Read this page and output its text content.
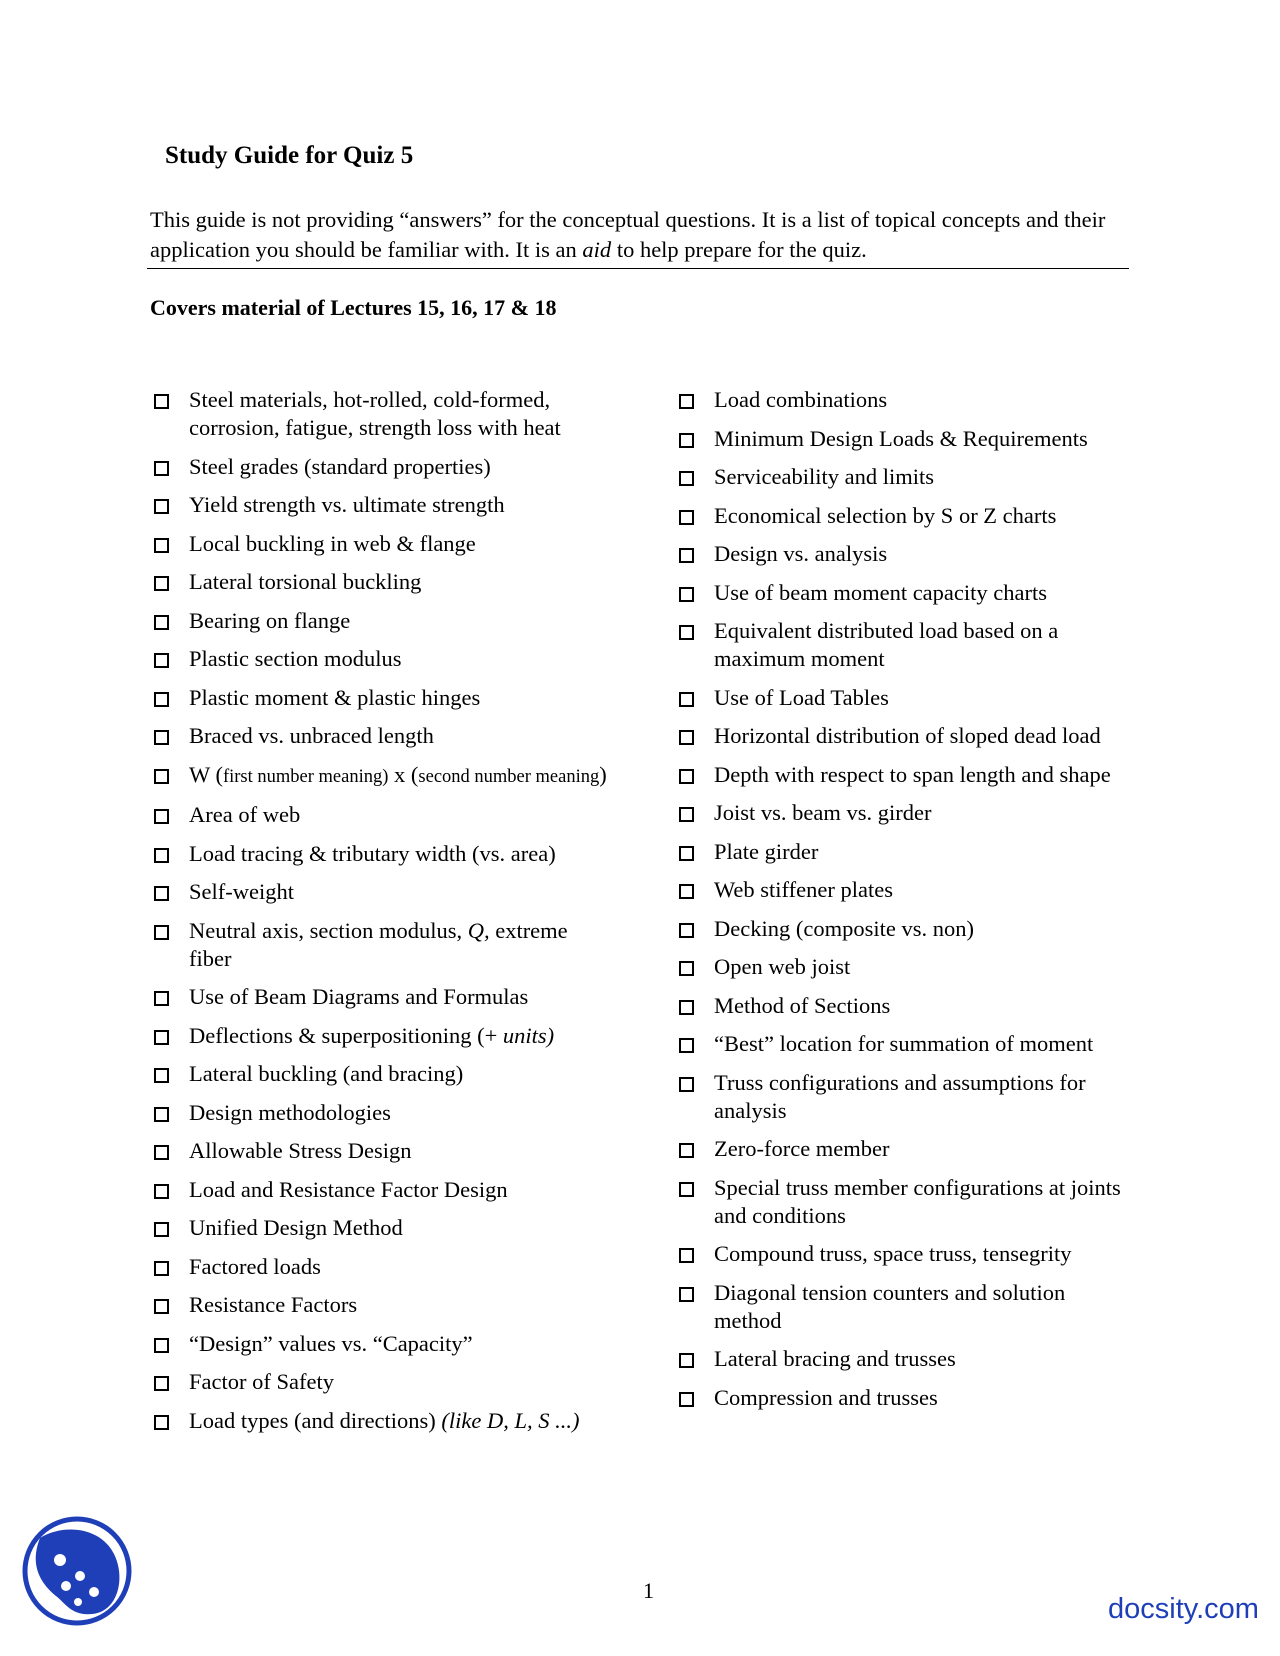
Study Guide for Quiz 5
This guide is not providing “answers” for the conceptual questions. It is a list of topical concepts and their application you should be familiar with. It is an aid to help prepare for the quiz.
Covers material of Lectures 15, 16, 17 & 18
Steel materials, hot-rolled, cold-formed, corrosion, fatigue, strength loss with heat
Steel grades (standard properties)
Yield strength vs. ultimate strength
Local buckling in web & flange
Lateral torsional buckling
Bearing on flange
Plastic section modulus
Plastic moment & plastic hinges
Braced vs. unbraced length
W (first number meaning) x (second number meaning)
Area of web
Load tracing & tributary width (vs. area)
Self-weight
Neutral axis, section modulus, Q, extreme fiber
Use of Beam Diagrams and Formulas
Deflections & superpositioning (+ units)
Lateral buckling (and bracing)
Design methodologies
Allowable Stress Design
Load and Resistance Factor Design
Unified Design Method
Factored loads
Resistance Factors
“Design” values vs. “Capacity”
Factor of Safety
Load types (and directions) (like D, L, S ...)
Load combinations
Minimum Design Loads & Requirements
Serviceability and limits
Economical selection by S or Z charts
Design vs. analysis
Use of beam moment capacity charts
Equivalent distributed load based on a maximum moment
Use of Load Tables
Horizontal distribution of sloped dead load
Depth with respect to span length and shape
Joist vs. beam vs. girder
Plate girder
Web stiffener plates
Decking (composite vs. non)
Open web joist
Method of Sections
“Best” location for summation of moment
Truss configurations and assumptions for analysis
Zero-force member
Special truss member configurations at joints and conditions
Compound truss, space truss, tensegrity
Diagonal tension counters and solution method
Lateral bracing and trusses
Compression and trusses
1
docsity.com
